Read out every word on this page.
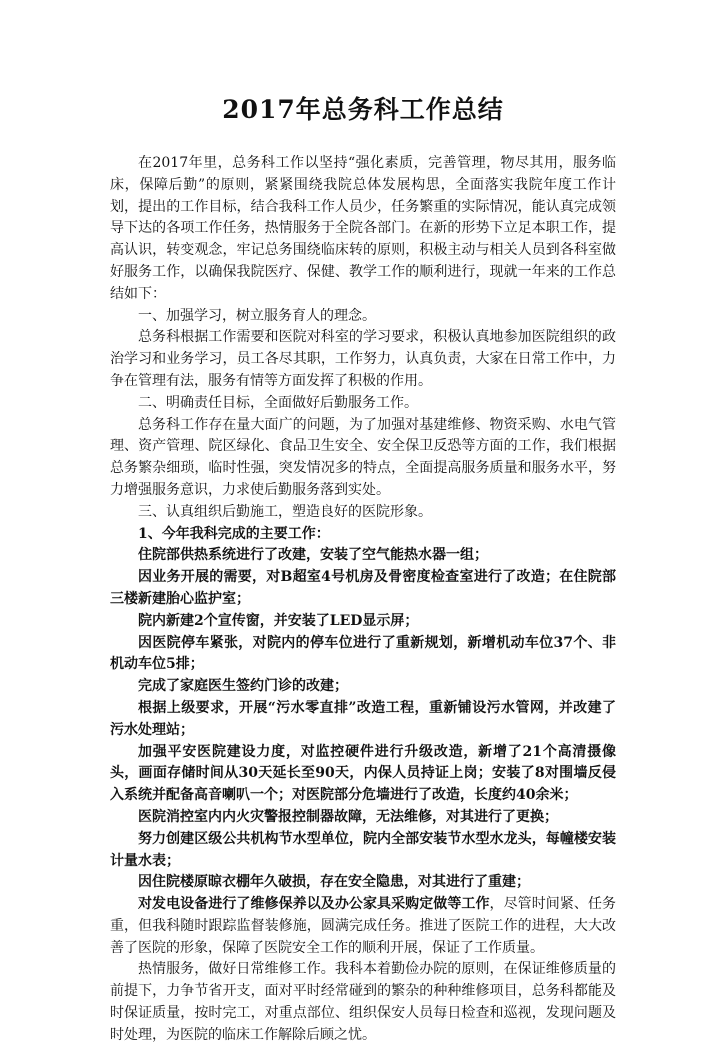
2017年总务科工作总结

在2017年里，总务科工作以坚持“强化素质，完善管理，物尽其用，服务临床，保障后勤”的原则，紧紧围绕我院总体发展构思，全面落实我院年度工作计划，提出的工作目标，结合我科工作人员少，任务繁重的实际情况，能认真完成领导下达的各项工作任务，热情服务于全院各部门。在新的形势下立足本职工作，提高认识，转变观念，牢记总务围绕临床转的原则，积极主动与相关人员到各科室做好服务工作，以确保我院医疗、保健、教学工作的顺利进行，现就一年来的工作总结如下：

一、加强学习，树立服务育人的理念。

总务科根据工作需要和医院对科室的学习要求，积极认真地参加医院组织的政治学习和业务学习，员工各尽其职，工作努力，认真负责，大家在日常工作中，力争在管理有法，服务有情等方面发挥了积极的作用。

二、明确责任目标，全面做好后勤服务工作。

总务科工作存在量大面广的问题，为了加强对基建维修、物资采购、水电气管理、资产管理、院区绿化、食品卫生安全、安全保卫反恐等方面的工作，我们根据总务繁杂细琐，临时性强，突发情况多的特点，全面提高服务质量和服务水平，努力增强服务意识，力求使后勤服务落到实处。

三、认真组织后勤施工，塑造良好的医院形象。

1、今年我科完成的主要工作：

住院部供热系统进行了改建，安装了空气能热水器一组；

因业务开展的需要，对B超室4号机房及骨密度检查室进行了改造；在住院部三楼新建胎心监护室；

院内新建2个宣传窗，并安装了LED显示屏；

因医院停车紧张，对院内的停车位进行了重新规划，新增机动车位37个、非机动车位5排；

完成了家庭医生签约门诊的改建；

根据上级要求，开展“污水零直排”改造工程，重新铺设污水管网，并改建了污水处理站；

加强平安医院建设力度，对监控硬件进行升级改造，新增了21个高清摄像头，画面存储时间从30天延长至90天，内保人员持证上岗；安装了8对围墙反侵入系统并配备高音喇叭一个；对医院部分危墙进行了改造，长度约40余米；

医院消控室内内火灾警报控制器故障，无法维修，对其进行了更换；

努力创建区级公共机构节水型单位，院内全部安装节水型水龙头，每幢楼安装计量水表；

因住院楼原晾衣棚年久破损，存在安全隐患，对其进行了重建；

对发电设备进行了维修保养以及办公家具采购定做等工作，尽管时间紧、任务重，但我科随时跟踪监督装修施，圆满完成任务。推进了医院工作的进程，大大改善了医院的形象，保障了医院安全工作的顺利开展，保证了工作质量。

热情服务，做好日常维修工作。我科本着勤俭办院的原则，在保证维修质量的前提下，力争节省开支，面对平时经常碰到的繁杂的种种维修项目，总务科都能及时保证质量，按时完工，对重点部位、组织保安人员每日检查和巡视，发现问题及时处理，为医院的临床工作解除后顾之忧。
